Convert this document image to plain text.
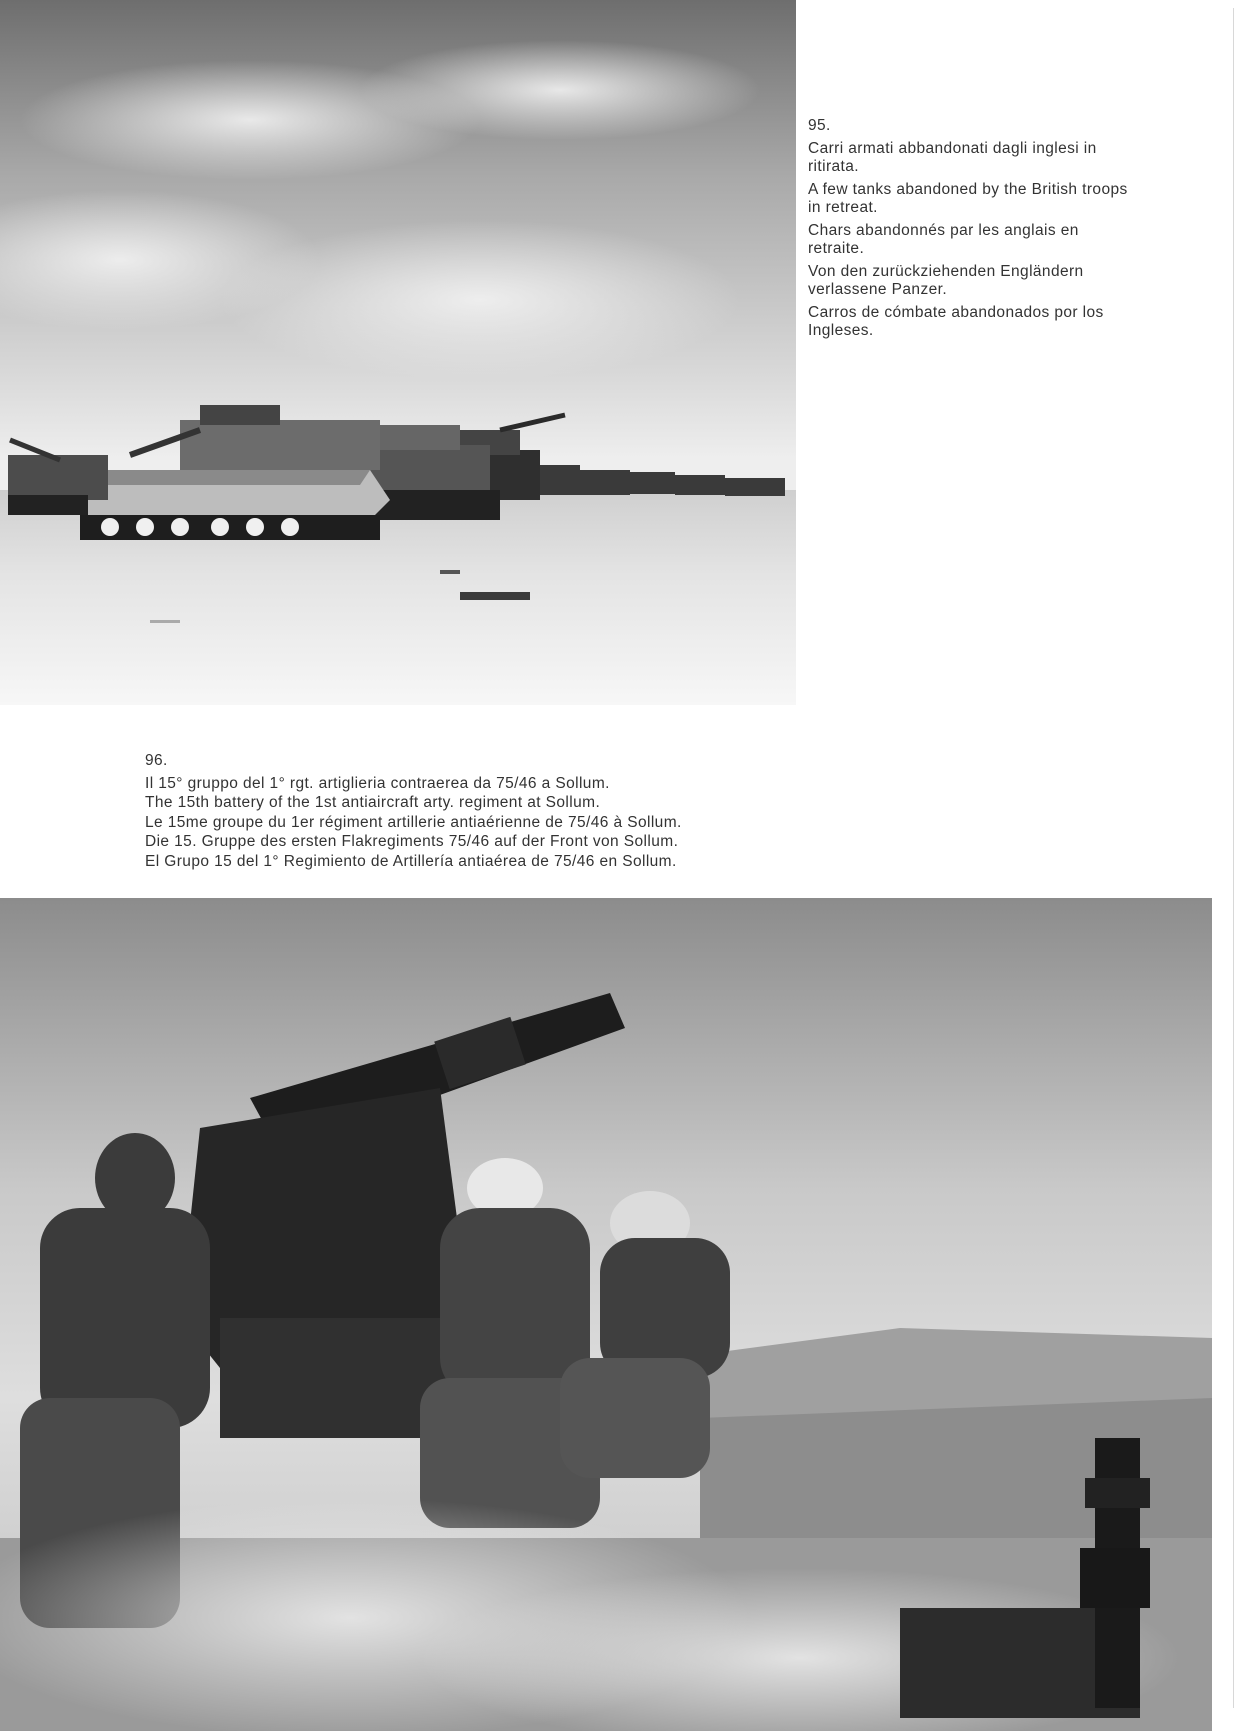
95.
Carri armati abbandonati dagli inglesi in ritirata.
A few tanks abandoned by the British troops in retreat.
Chars abandonnés par les anglais en retraite.
Von den zurückziehenden Engländern verlassene Panzer.
Carros de cómbate abandonados por los Ingleses.
96.
Il 15° gruppo del 1° rgt. artiglieria contraerea da 75/46 a Sollum.
The 15th battery of the 1st antiaircraft arty. regiment at Sollum.
Le 15me groupe du 1er régiment artillerie antiaérienne de 75/46 à Sollum.
Die 15. Gruppe des ersten Flakregiments 75/46 auf der Front von Sollum.
El Grupo 15 del 1° Regimiento de Artillería antiaérea de 75/46 en Sollum.
